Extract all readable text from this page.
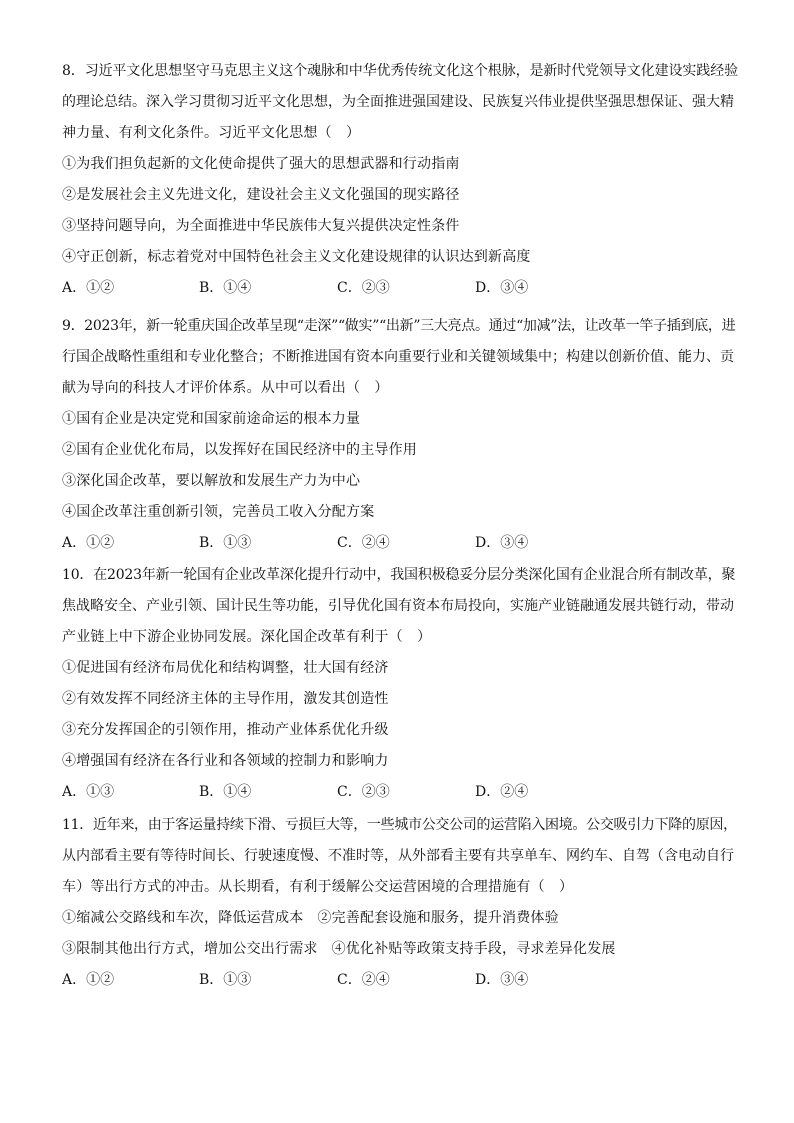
8．习近平文化思想坚守马克思主义这个魂脉和中华优秀传统文化这个根脉，是新时代党领导文化建设实践经验
的理论总结。深入学习贯彻习近平文化思想，为全面推进强国建设、民族复兴伟业提供坚强思想保证、强大精
神力量、有利文化条件。习近平文化思想（　）
①为我们担负起新的文化使命提供了强大的思想武器和行动指南
②是发展社会主义先进文化，建设社会主义文化强国的现实路径
③坚持问题导向，为全面推进中华民族伟大复兴提供决定性条件
④守正创新，标志着党对中国特色社会主义文化建设规律的认识达到新高度
A．①②	B．①④	C．②③	D．③④
9．2023年，新一轮重庆国企改革呈现“走深”“做实”“出新”三大亮点。通过“加减”法，让改革一竿子插到底，进
行国企战略性重组和专业化整合；不断推进国有资本向重要行业和关键领域集中；构建以创新价值、能力、贡
献为导向的科技人才评价体系。从中可以看出（　）
①国有企业是决定党和国家前途命运的根本力量
②国有企业优化布局，以发挥好在国民经济中的主导作用
③深化国企改革，要以解放和发展生产力为中心
④国企改革注重创新引领，完善员工收入分配方案
A．①②	B．①③	C．②④	D．③④
10．在2023年新一轮国有企业改革深化提升行动中，我国积极稳妥分层分类深化国有企业混合所有制改革，聚
焦战略安全、产业引领、国计民生等功能，引导优化国有资本布局投向，实施产业链融通发展共链行动，带动
产业链上中下游企业协同发展。深化国企改革有利于（　）
①促进国有经济布局优化和结构调整，壮大国有经济
②有效发挥不同经济主体的主导作用，激发其创造性
③充分发挥国企的引领作用，推动产业体系优化升级
④增强国有经济在各行业和各领域的控制力和影响力
A．①③	B．①④	C．②③	D．②④
11．近年来，由于客运量持续下滑、亏损巨大等，一些城市公交公司的运营陷入困境。公交吸引力下降的原因，
从内部看主要有等待时间长、行驶速度慢、不准时等，从外部看主要有共享单车、网约车、自驾（含电动自行
车）等出行方式的冲击。从长期看，有利于缓解公交运营困境的合理措施有（　）
①缩减公交路线和车次，降低运营成本 ②完善配套设施和服务，提升消费体验
③限制其他出行方式，增加公交出行需求 ④优化补贴等政策支持手段，寻求差异化发展
A．①②	B．①③	C．②④	D．③④
